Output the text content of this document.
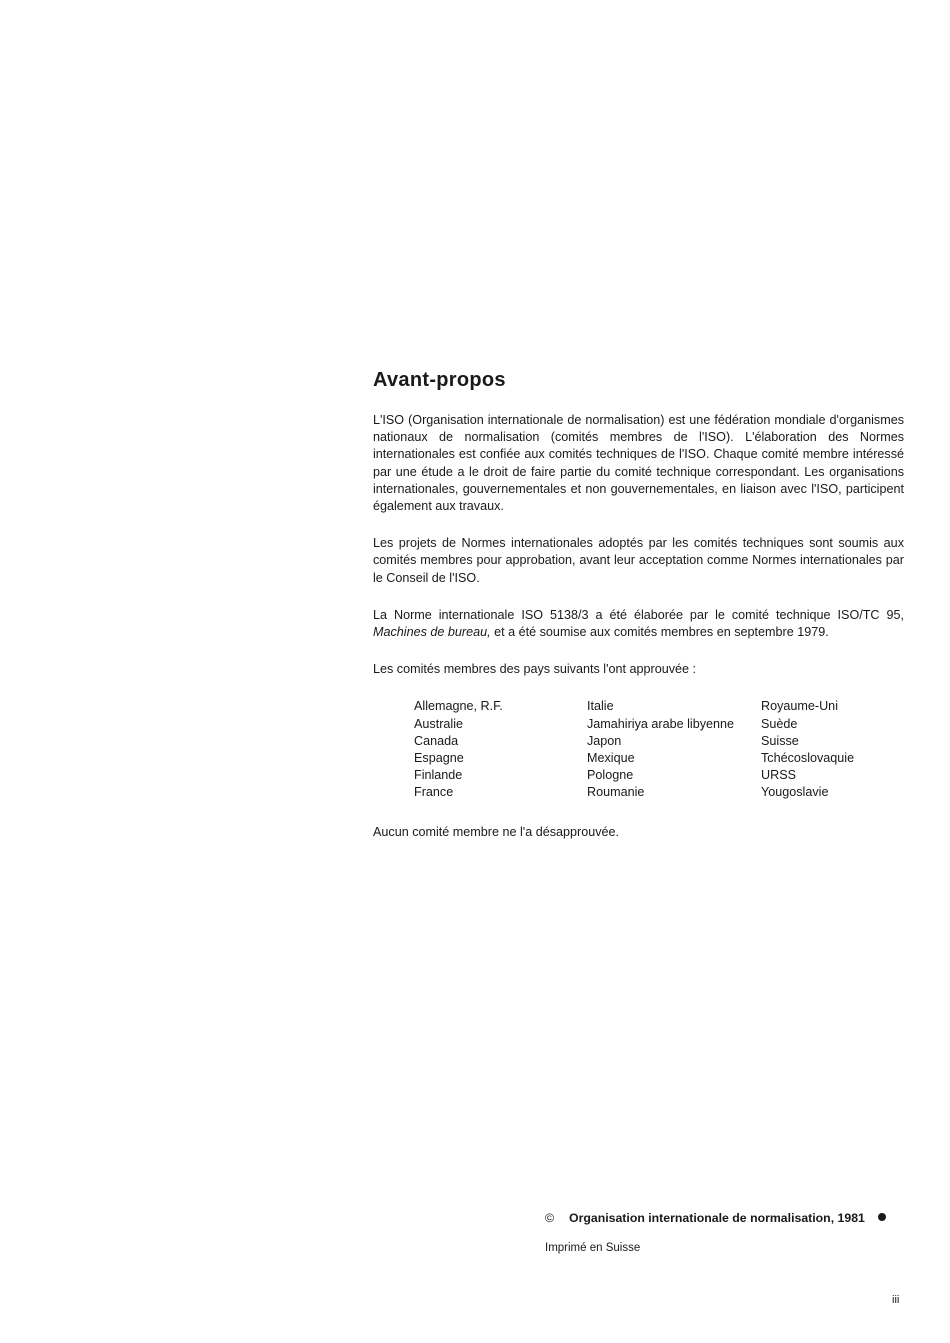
Avant-propos

L'ISO (Organisation internationale de normalisation) est une fédération mondiale d'organismes nationaux de normalisation (comités membres de l'ISO). L'élaboration des Normes internationales est confiée aux comités techniques de l'ISO. Chaque comité membre intéressé par une étude a le droit de faire partie du comité technique correspondant. Les organisations internationales, gouvernementales et non gouvernementales, en liaison avec l'ISO, participent également aux travaux.

Les projets de Normes internationales adoptés par les comités techniques sont soumis aux comités membres pour approbation, avant leur acceptation comme Normes internationales par le Conseil de l'ISO.

La Norme internationale ISO 5138/3 a été élaborée par le comité technique ISO/TC 95, Machines de bureau, et a été soumise aux comités membres en septembre 1979.

Les comités membres des pays suivants l'ont approuvée :

Allemagne, R.F.
Australie
Canada
Espagne
Finlande
France
Italie
Jamahiriya arabe libyenne
Japon
Mexique
Pologne
Roumanie
Royaume-Uni
Suède
Suisse
Tchécoslovaquie
URSS
Yougoslavie

Aucun comité membre ne l'a désapprouvée.

© Organisation internationale de normalisation, 1981
Imprimé en Suisse
iii
